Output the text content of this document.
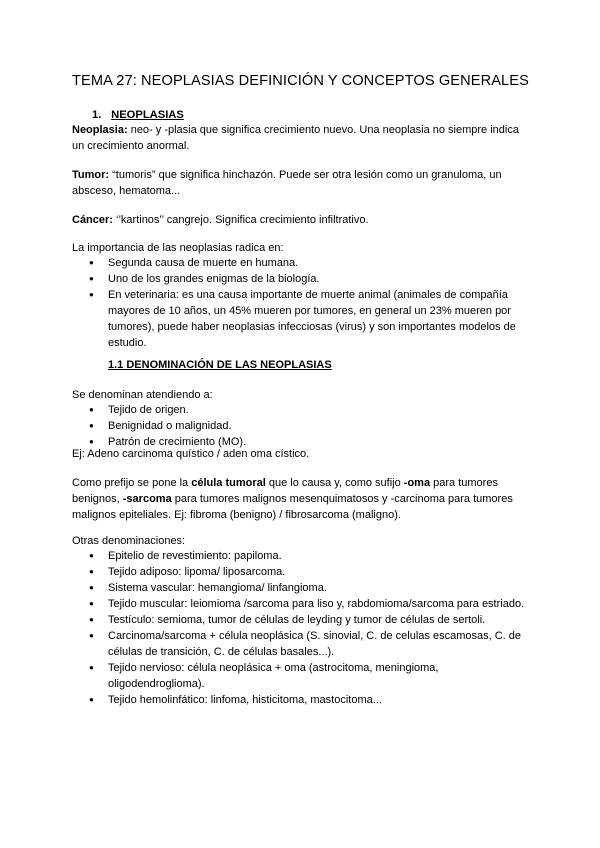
TEMA 27: NEOPLASIAS DEFINICIÓN Y CONCEPTOS GENERALES
1. NEOPLASIAS

Neoplasia: neo- y -plasia que significa crecimiento nuevo. Una neoplasia no siempre indica un crecimiento anormal.

Tumor: “tumoris” que significa hinchazón. Puede ser otra lesión como un granuloma, un absceso, hematoma...

Cáncer: ‘’kartinos’’ cangrejo. Significa crecimiento infiltrativo.

La importancia de las neoplasias radica en:

● Segunda causa de muerte en humana.
● Uno de los grandes enigmas de la biología.
● En veterinaria: es una causa importante de muerte animal (animales de compañía mayores de 10 años, un 45% mueren por tumores, en general un 23% mueren por tumores), puede haber neoplasias infecciosas (virus) y son importantes modelos de estudio.
1.1 DENOMINACIÓN DE LAS NEOPLASIAS

Se denominan atendiendo a:

● Tejido de origen.
● Benignidad o malignidad.
● Patrón de crecimiento (MO).

Ej: Adeno carcinoma quístico / aden oma cístico.

Como prefijo se pone la célula tumoral que lo causa y, como sufijo -oma para tumores benignos, -sarcoma para tumores malignos mesenquimatosos y -carcinoma para tumores malignos epiteliales. Ej: fibroma (benigno) / fibrosarcoma (maligno).

Otras denominaciones:

● Epitelio de revestimiento: papiloma.
● Tejido adiposo: lipoma/ liposarcoma.
● Sistema vascular: hemangioma/ linfangioma.
● Tejido muscular: leiomioma /sarcoma para liso y, rabdomioma/sarcoma para estriado.
● Testículo: semioma, tumor de células de leyding y tumor de células de sertoli.
● Carcinoma/sarcoma + célula neoplásica (S. sinovial, C. de celulas escamosas, C. de células de transición, C. de células basales...).
● Tejido nervioso: célula neoplásica + oma (astrocitoma, meningioma, oligodendroglioma).
● Tejido hemolinfático: linfoma, histicitoma, mastocitoma...
